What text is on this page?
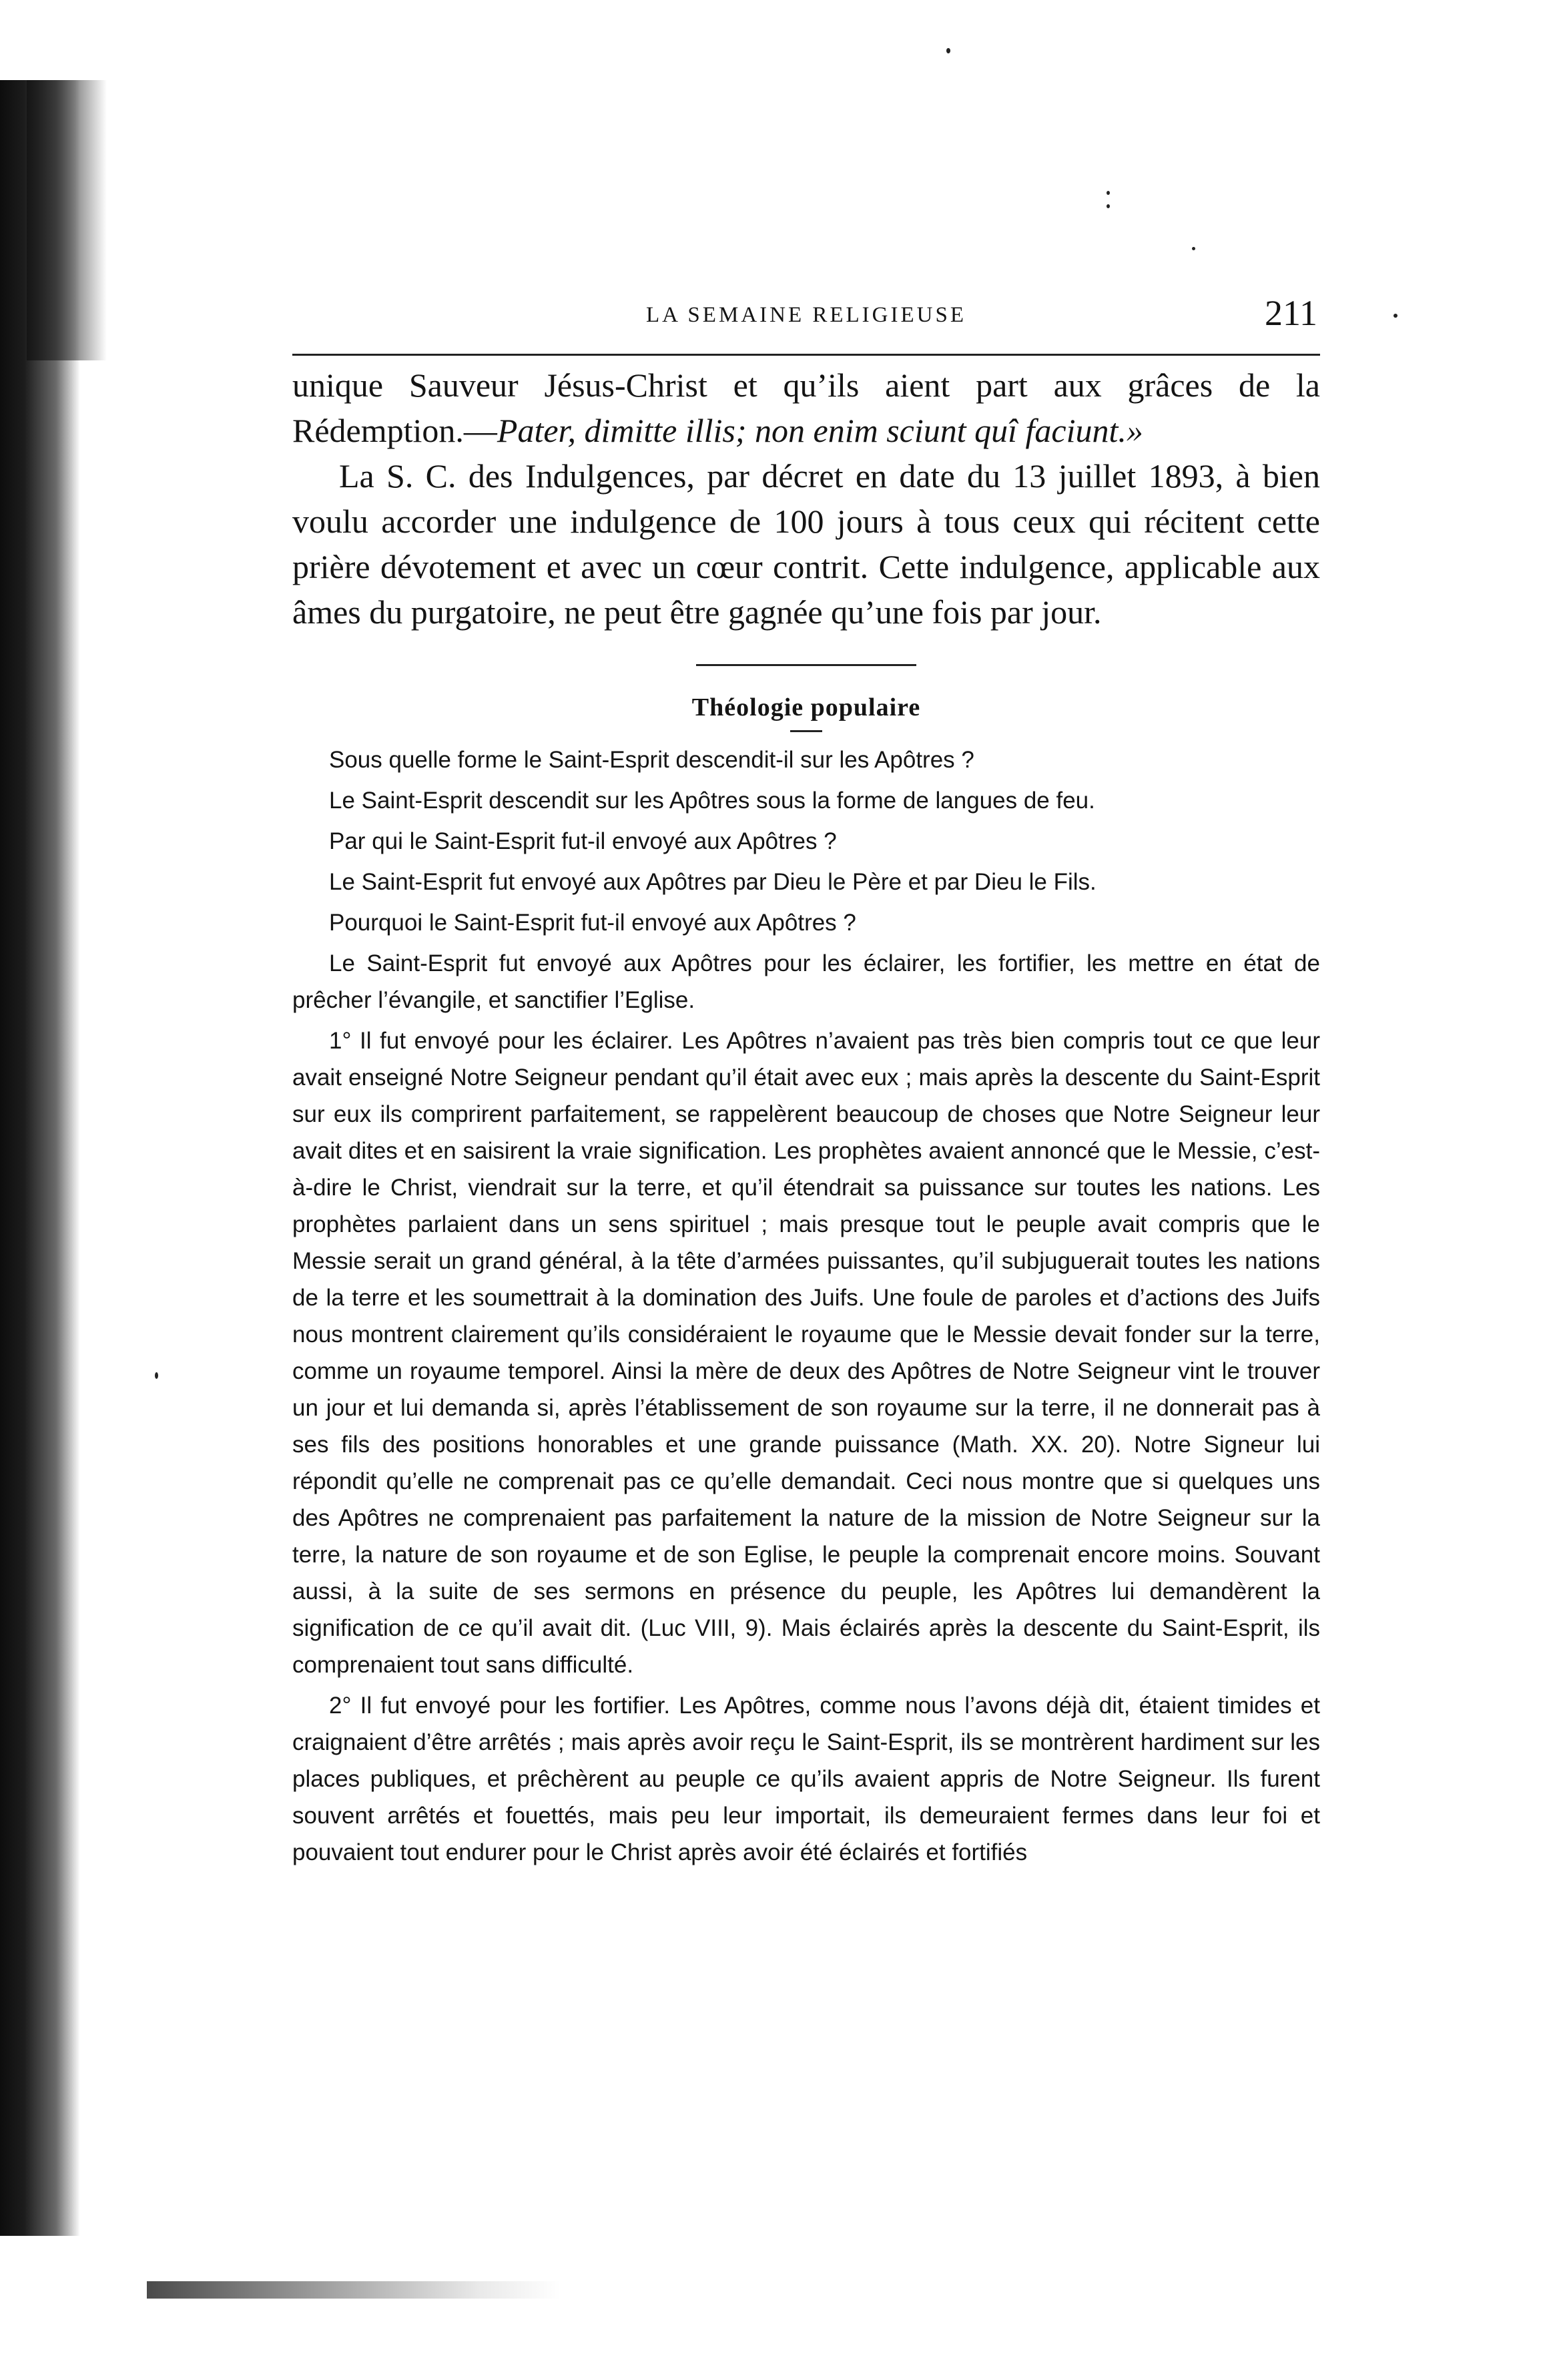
LA SEMAINE RELIGIEUSE	211

unique Sauveur Jésus-Christ et qu’ils aient part aux grâces de la Rédemption.—Pater, dimitte illis; non enim sciunt quî faciunt.»

La S. C. des Indulgences, par décret en date du 13 juillet 1893, à bien voulu accorder une indulgence de 100 jours à tous ceux qui récitent cette prière dévotement et avec un cœur contrit. Cette indulgence, applicable aux âmes du purgatoire, ne peut être gagnée qu’une fois par jour.

Théologie populaire

Sous quelle forme le Saint-Esprit descendit-il sur les Apôtres ?

Le Saint-Esprit descendit sur les Apôtres sous la forme de langues de feu.

Par qui le Saint-Esprit fut-il envoyé aux Apôtres ?

Le Saint-Esprit fut envoyé aux Apôtres par Dieu le Père et par Dieu le Fils.

Pourquoi le Saint-Esprit fut-il envoyé aux Apôtres ?

Le Saint-Esprit fut envoyé aux Apôtres pour les éclairer, les fortifier, les mettre en état de prêcher l’évangile, et sanctifier l’Eglise.

1° Il fut envoyé pour les éclairer. Les Apôtres n’avaient pas très bien compris tout ce que leur avait enseigné Notre Seigneur pendant qu’il était avec eux ; mais après la descente du Saint-Esprit sur eux ils comprirent parfaitement, se rappelèrent beaucoup de choses que Notre Seigneur leur avait dites et en saisirent la vraie signification. Les prophètes avaient annoncé que le Messie, c’est-à-dire le Christ, viendrait sur la terre, et qu’il étendrait sa puissance sur toutes les nations. Les prophètes parlaient dans un sens spirituel ; mais presque tout le peuple avait compris que le Messie serait un grand général, à la tête d’armées puissantes, qu’il subjuguerait toutes les nations de la terre et les soumettrait à la domination des Juifs. Une foule de paroles et d’actions des Juifs nous montrent clairement qu’ils considéraient le royaume que le Messie devait fonder sur la terre, comme un royaume temporel. Ainsi la mère de deux des Apôtres de Notre Seigneur vint le trouver un jour et lui demanda si, après l’établissement de son royaume sur la terre, il ne donnerait pas à ses fils des positions honorables et une grande puissance (Math. XX. 20). Notre Signeur lui répondit qu’elle ne comprenait pas ce qu’elle demandait. Ceci nous montre que si quelques uns des Apôtres ne comprenaient pas parfaitement la nature de la mission de Notre Seigneur sur la terre, la nature de son royaume et de son Eglise, le peuple la comprenait encore moins. Souvant aussi, à la suite de ses sermons en présence du peuple, les Apôtres lui demandèrent la signification de ce qu’il avait dit. (Luc VIII, 9). Mais éclairés après la descente du Saint-Esprit, ils comprenaient tout sans difficulté.

2° Il fut envoyé pour les fortifier. Les Apôtres, comme nous l’avons déjà dit, étaient timides et craignaient d’être arrêtés ; mais après avoir reçu le Saint-Esprit, ils se montrèrent hardiment sur les places publiques, et prêchèrent au peuple ce qu’ils avaient appris de Notre Seigneur. Ils furent souvent arrêtés et fouettés, mais peu leur importait, ils demeuraient fermes dans leur foi et pouvaient tout endurer pour le Christ après avoir été éclairés et fortifiés
